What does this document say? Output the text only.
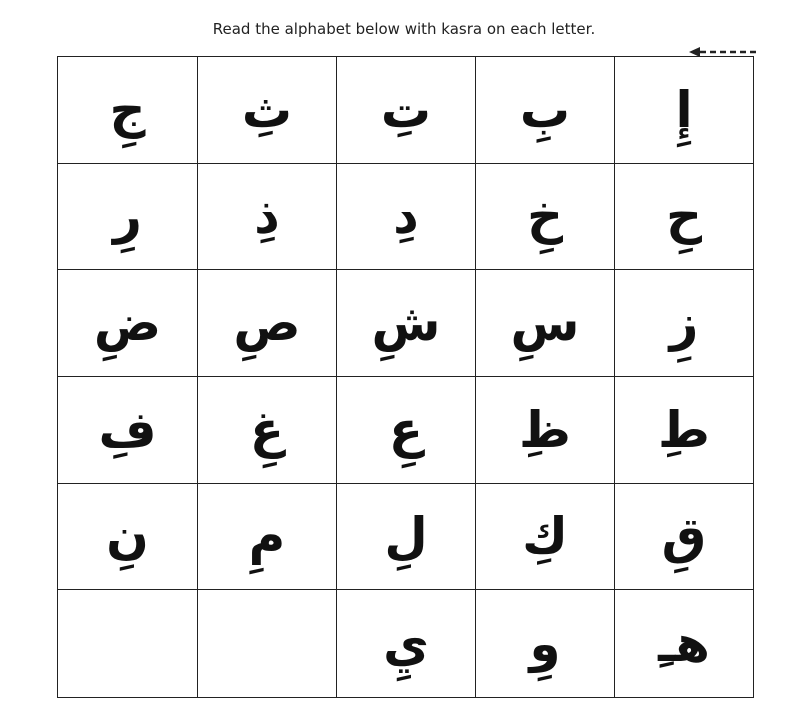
Read the alphabet below with kasra on each letter.
إِ
بِ
تِ
ثِ
جِ
حِ
خِ
دِ
ذِ
رِ
زِ
سِ
شِ
صِ
ضِ
طِ
ظِ
عِ
غِ
فِ
قِ
كِ
لِ
مِ
نِ
هـِ
وِ
يِ
